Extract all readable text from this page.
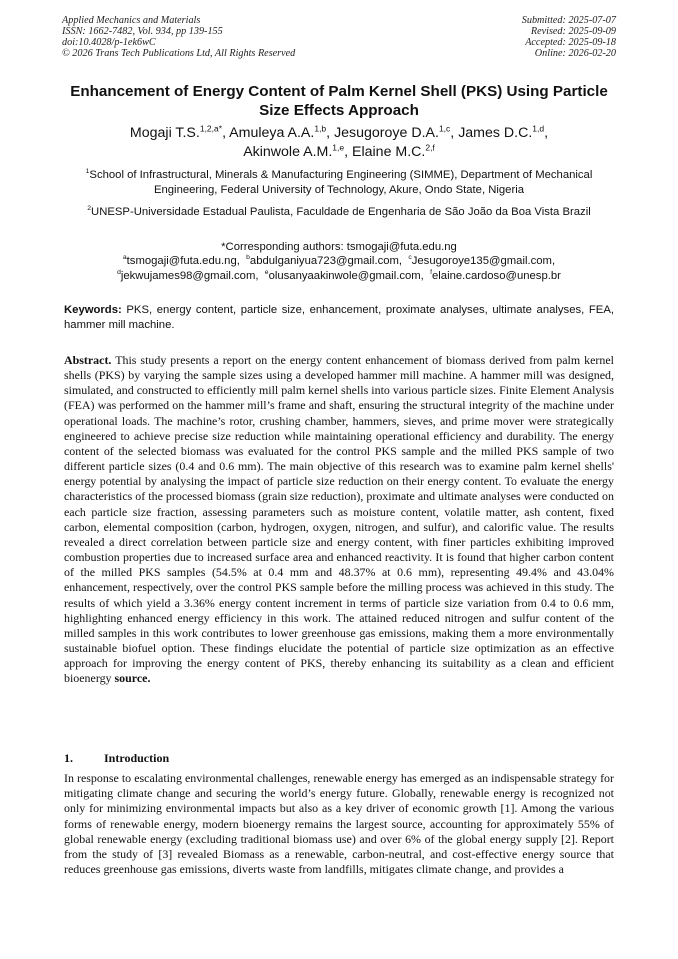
Applied Mechanics and Materials
ISSN: 1662-7482, Vol. 934, pp 139-155
doi:10.4028/p-1ek6wC
© 2026 Trans Tech Publications Ltd, All Rights Reserved
Submitted: 2025-07-07
Revised: 2025-09-09
Accepted: 2025-09-18
Online: 2026-02-20
Enhancement of Energy Content of Palm Kernel Shell (PKS) Using Particle Size Effects Approach
Mogaji T.S.$^{1,2,a*}$, Amuleya A.A.$^{1,b}$, Jesugoroye D.A.$^{1,c}$, James D.C.$^{1,d}$,
Akinwole A.M.$^{1,e}$, Elaine M.C.$^{2,f}$
$^1$School of Infrastructural, Minerals & Manufacturing Engineering (SIMME), Department of Mechanical Engineering, Federal University of Technology, Akure, Ondo State, Nigeria
$^2$UNESP-Universidade Estadual Paulista, Faculdade de Engenharia de São João da Boa Vista Brazil
*Corresponding authors: tsmogaji@futa.edu.ng
$^a$tsmogaji@futa.edu.ng, $^b$abdulganiyua723@gmail.com, $^c$Jesugoroye135@gmail.com,
$^d$jekwujames98@gmail.com, $^e$olusanyaakinwole@gmail.com, $^f$elaine.cardoso@unesp.br
Keywords: PKS, energy content, particle size, enhancement, proximate analyses, ultimate analyses, FEA, hammer mill machine.
Abstract. This study presents a report on the energy content enhancement of biomass derived from palm kernel shells (PKS) by varying the sample sizes using a developed hammer mill machine. A hammer mill was designed, simulated, and constructed to efficiently mill palm kernel shells into various particle sizes. Finite Element Analysis (FEA) was performed on the hammer mill’s frame and shaft, ensuring the structural integrity of the machine under operational loads. The machine’s rotor, crushing chamber, hammers, sieves, and prime mover were strategically engineered to achieve precise size reduction while maintaining operational efficiency and durability. The energy content of the selected biomass was evaluated for the control PKS sample and the milled PKS sample of two different particle sizes (0.4 and 0.6 mm). The main objective of this research was to examine palm kernel shells' energy potential by analysing the impact of particle size reduction on their energy content. To evaluate the energy characteristics of the processed biomass (grain size reduction), proximate and ultimate analyses were conducted on each particle size fraction, assessing parameters such as moisture content, volatile matter, ash content, fixed carbon, elemental composition (carbon, hydrogen, oxygen, nitrogen, and sulfur), and calorific value. The results revealed a direct correlation between particle size and energy content, with finer particles exhibiting improved combustion properties due to increased surface area and enhanced reactivity. It is found that higher carbon content of the milled PKS samples (54.5% at 0.4 mm and 48.37% at 0.6 mm), representing 49.4% and 43.04% enhancement, respectively, over the control PKS sample before the milling process was achieved in this study. The results of which yield a 3.36% energy content increment in terms of particle size variation from 0.4 to 0.6 mm, highlighting enhanced energy efficiency in this work. The attained reduced nitrogen and sulfur content of the milled samples in this work contributes to lower greenhouse gas emissions, making them a more environmentally sustainable biofuel option. These findings elucidate the potential of particle size optimization as an effective approach for improving the energy content of PKS, thereby enhancing its suitability as a clean and efficient bioenergy source.
1.	Introduction
In response to escalating environmental challenges, renewable energy has emerged as an indispensable strategy for mitigating climate change and securing the world’s energy future. Globally, renewable energy is recognized not only for minimizing environmental impacts but also as a key driver of economic growth [1]. Among the various forms of renewable energy, modern bioenergy remains the largest source, accounting for approximately 55% of global renewable energy (excluding traditional biomass use) and over 6% of the global energy supply [2]. Report from the study of [3] revealed Biomass as a renewable, carbon-neutral, and cost-effective energy source that reduces greenhouse gas emissions, diverts waste from landfills, mitigates climate change, and provides a
